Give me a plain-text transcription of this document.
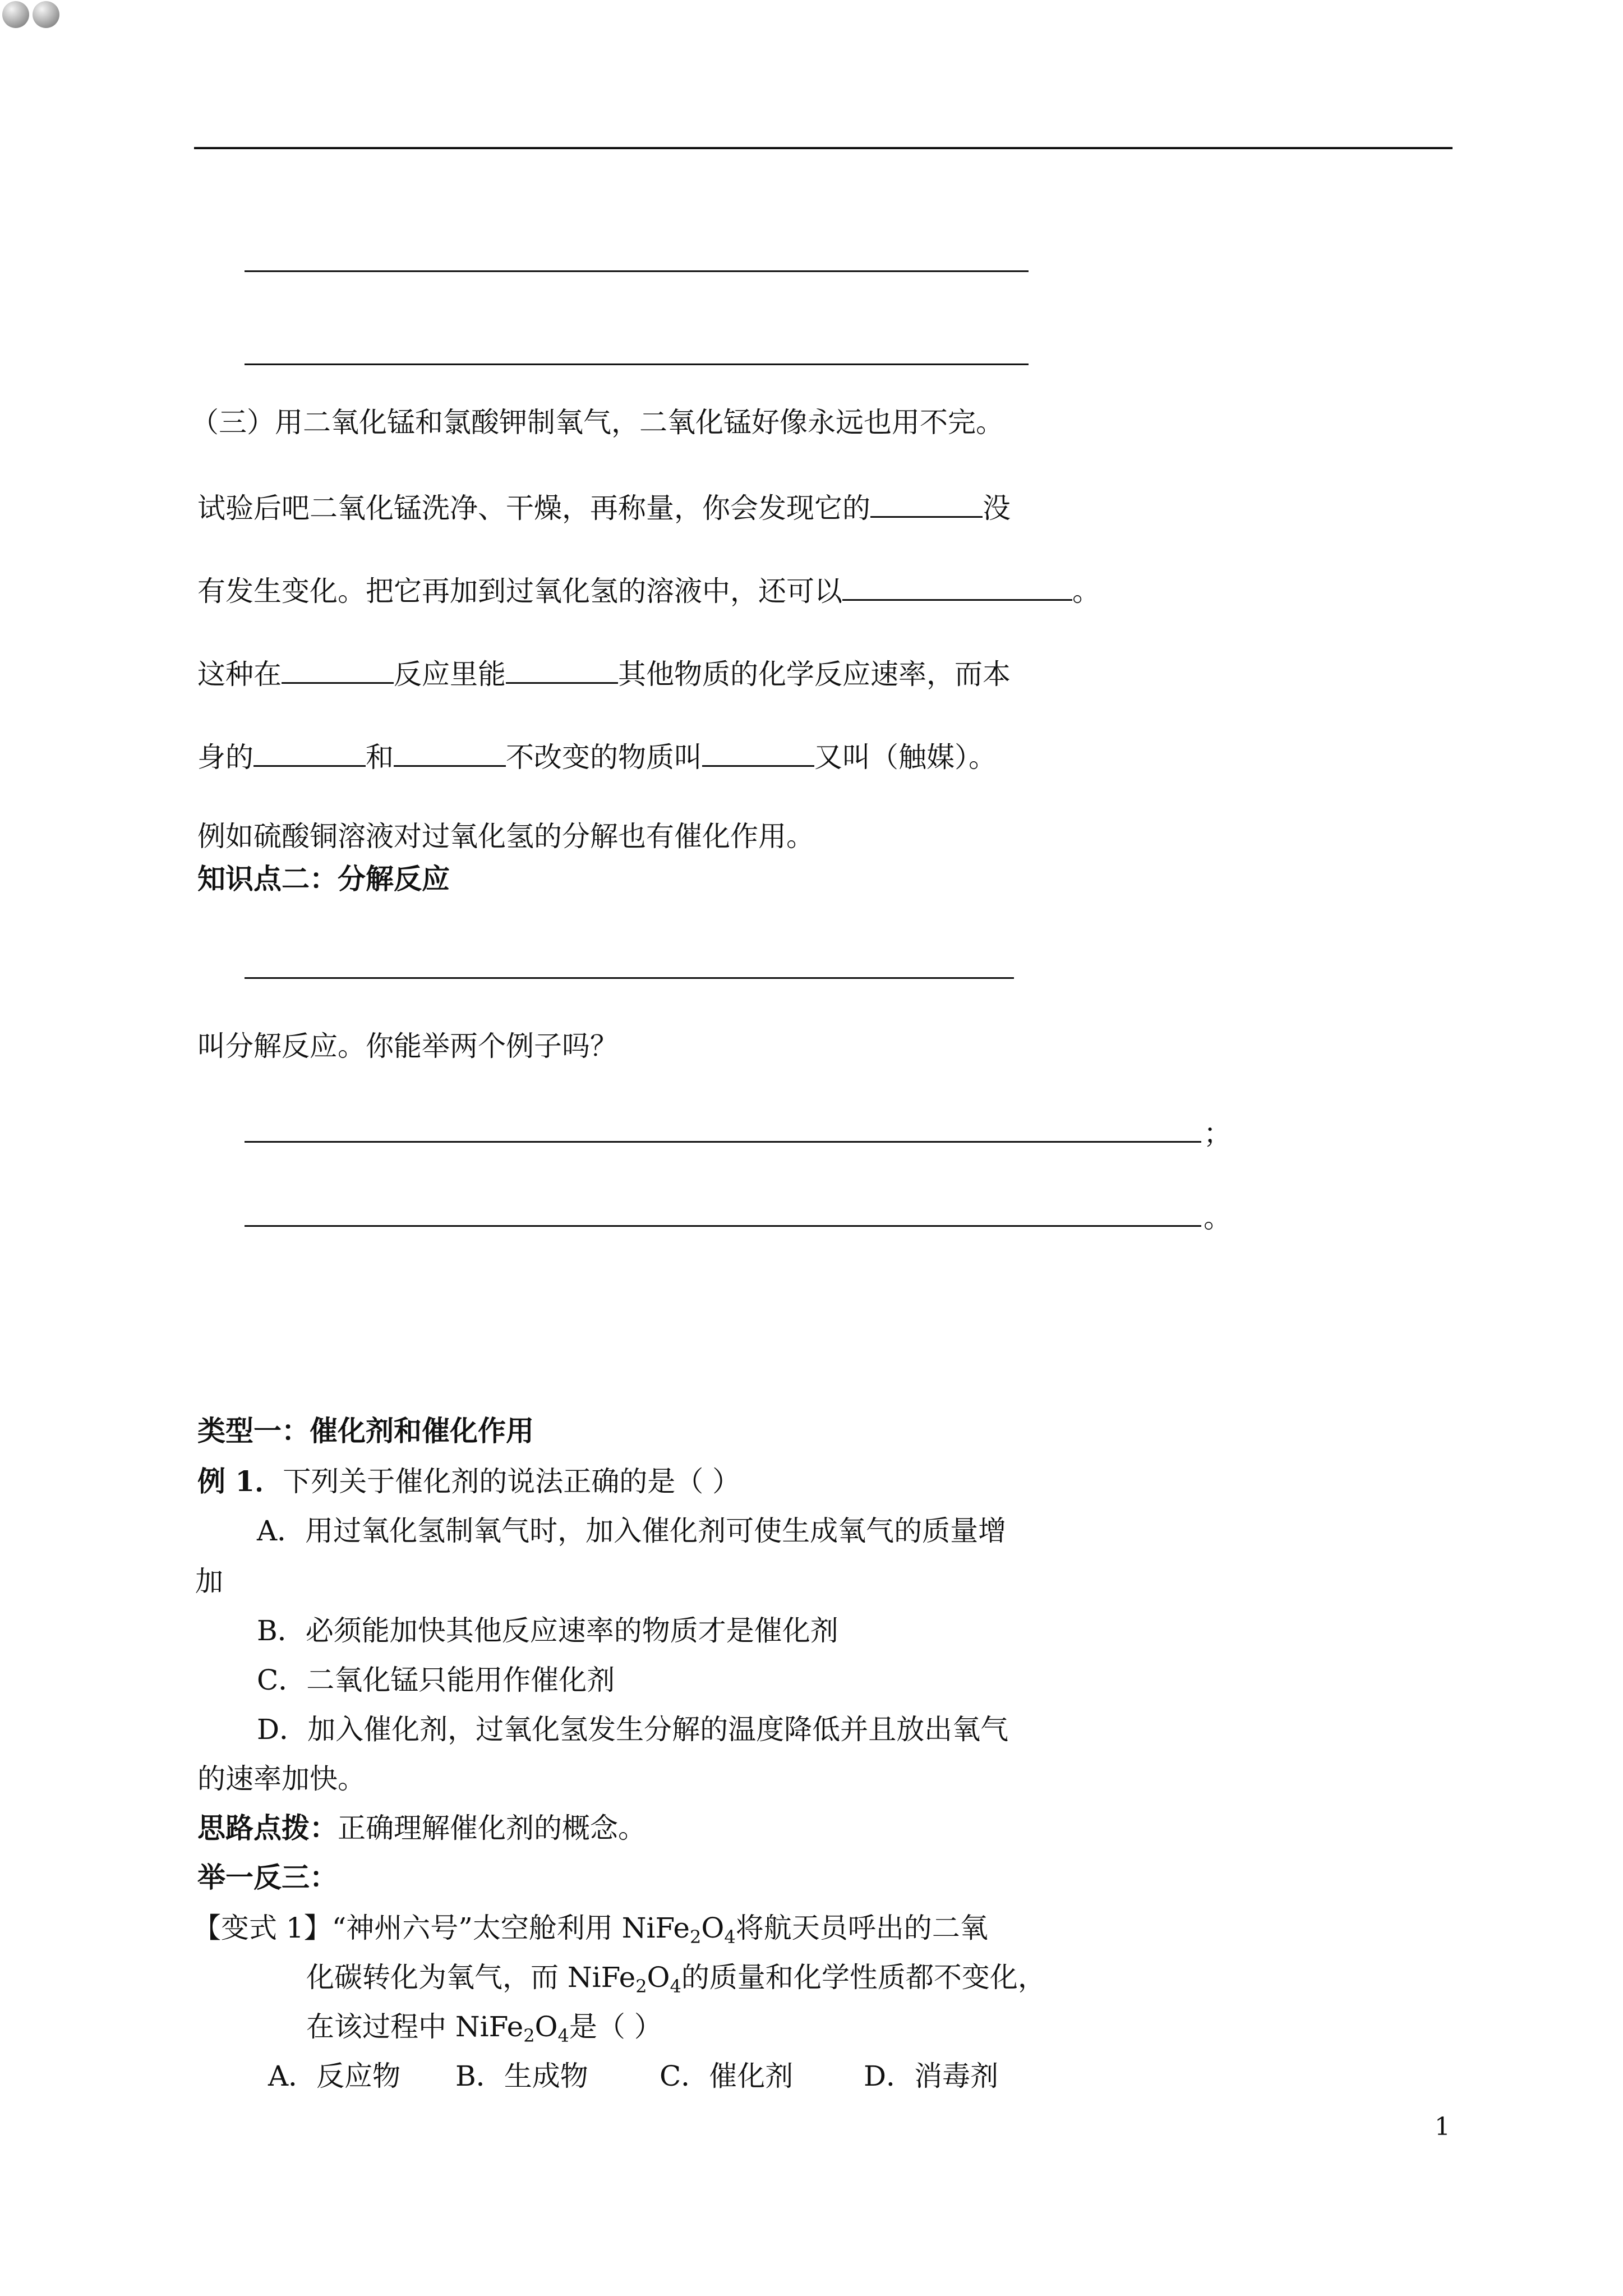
（三）用二氧化锰和氯酸钾制氧气，二氧化锰好像永远也用不完。
试验后吧二氧化锰洗净、干燥，再称量，你会发现它的	没
有发生变化。把它再加到过氧化氢的溶液中，还可以	。
这种在	反应里能	其他物质的化学反应速率，而本
身的	和	不改变的物质叫	又叫（触媒）。
例如硫酸铜溶液对过氧化氢的分解也有催化作用。
知识点二：分解反应
叫分解反应。你能举两个例子吗？
；
。
类型一：催化剂和催化作用
例 1．下列关于催化剂的说法正确的是（ ）
A．用过氧化氢制氧气时，加入催化剂可使生成氧气的质量增
加
B．必须能加快其他反应速率的物质才是催化剂
C．二氧化锰只能用作催化剂
D．加入催化剂，过氧化氢发生分解的温度降低并且放出氧气
的速率加快。
思路点拨：正确理解催化剂的概念。
举一反三：
【变式 1】“神州六号”太空舱利用 $NiFe_2O_4$将航天员呼出的二氧
化碳转化为氧气，而 $NiFe_2O_4$的质量和化学性质都不变化，
在该过程中 $NiFe_2O_4$是（ ）
A．反应物 B．生成物	C．催化剂	D．消毒剂
1
